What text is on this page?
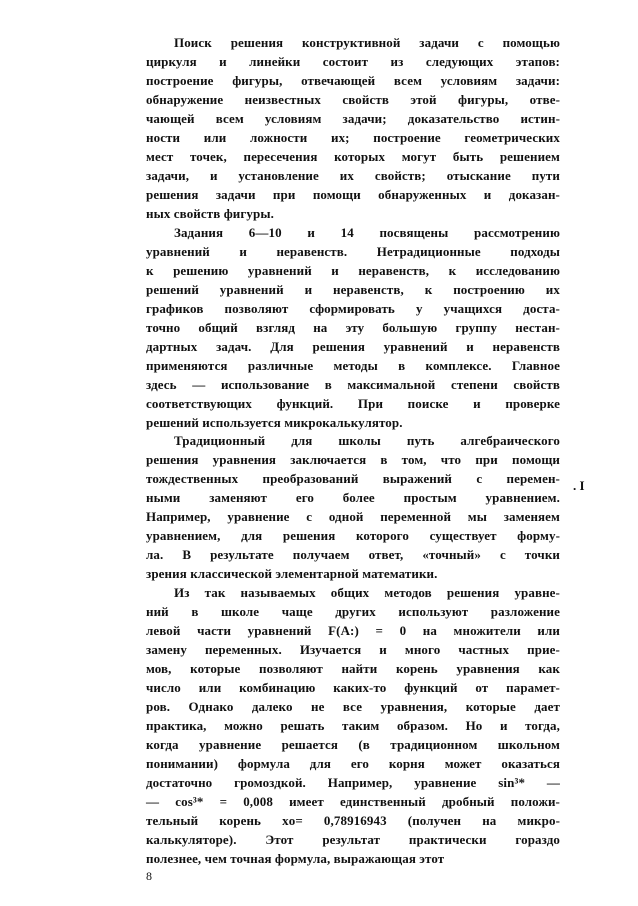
Поиск решения конструктивной задачи с помощью
циркуля и линейки состоит из следующих этапов:
построение фигуры, отвечающей всем условиям задачи:
обнаружение неизвестных свойств этой фигуры, отве-
чающей всем условиям задачи; доказательство истин-
ности или ложности их; построение геометрических
мест точек, пересечения которых могут быть решением
задачи, и установление их свойств; отыскание пути
решения задачи при помощи обнаруженных и доказан-
ных свойств фигуры.
Задания 6—10 и 14 посвящены рассмотрению
уравнений и неравенств. Нетрадиционные подходы
к решению уравнений и неравенств, к исследованию
решений уравнений и неравенств, к построению их
графиков позволяют сформировать у учащихся доста-
точно общий взгляд на эту большую группу нестан-
дартных задач. Для решения уравнений и неравенств
применяются различные методы в комплексе. Главное
здесь — использование в максимальной степени свойств
соответствующих функций. При поиске и проверке
решений используется микрокалькулятор.
Традиционный для школы путь алгебраического
решения уравнения заключается в том, что при помощи
тождественных преобразований выражений с перемен-
ными заменяют его более простым уравнением.
Например, уравнение с одной переменной мы заменяем
уравнением, для решения которого существует форму-
ла. В результате получаем ответ, «точный» с точки
зрения классической элементарной математики.
Из так называемых общих методов решения уравне-
ний в школе чаще других используют разложение
левой части уравнений F(A:) = 0 на множители или
замену переменных. Изучается и много частных прие-
мов, которые позволяют найти корень уравнения как
число или комбинацию каких-то функций от парамет-
ров. Однако далеко не все уравнения, которые дает
практика, можно решать таким образом. Но и тогда,
когда уравнение решается (в традиционном школьном
понимании) формула для его корня может оказаться
достаточно громоздкой. Например, уравнение sin³* —
— cos³* = 0,008 имеет единственный дробный положи-
тельный корень xo= 0,78916943 (получен на микро-
калькуляторе). Этот результат практически гораздо
полезнее, чем точная формула, выражающая этот
. I
8
